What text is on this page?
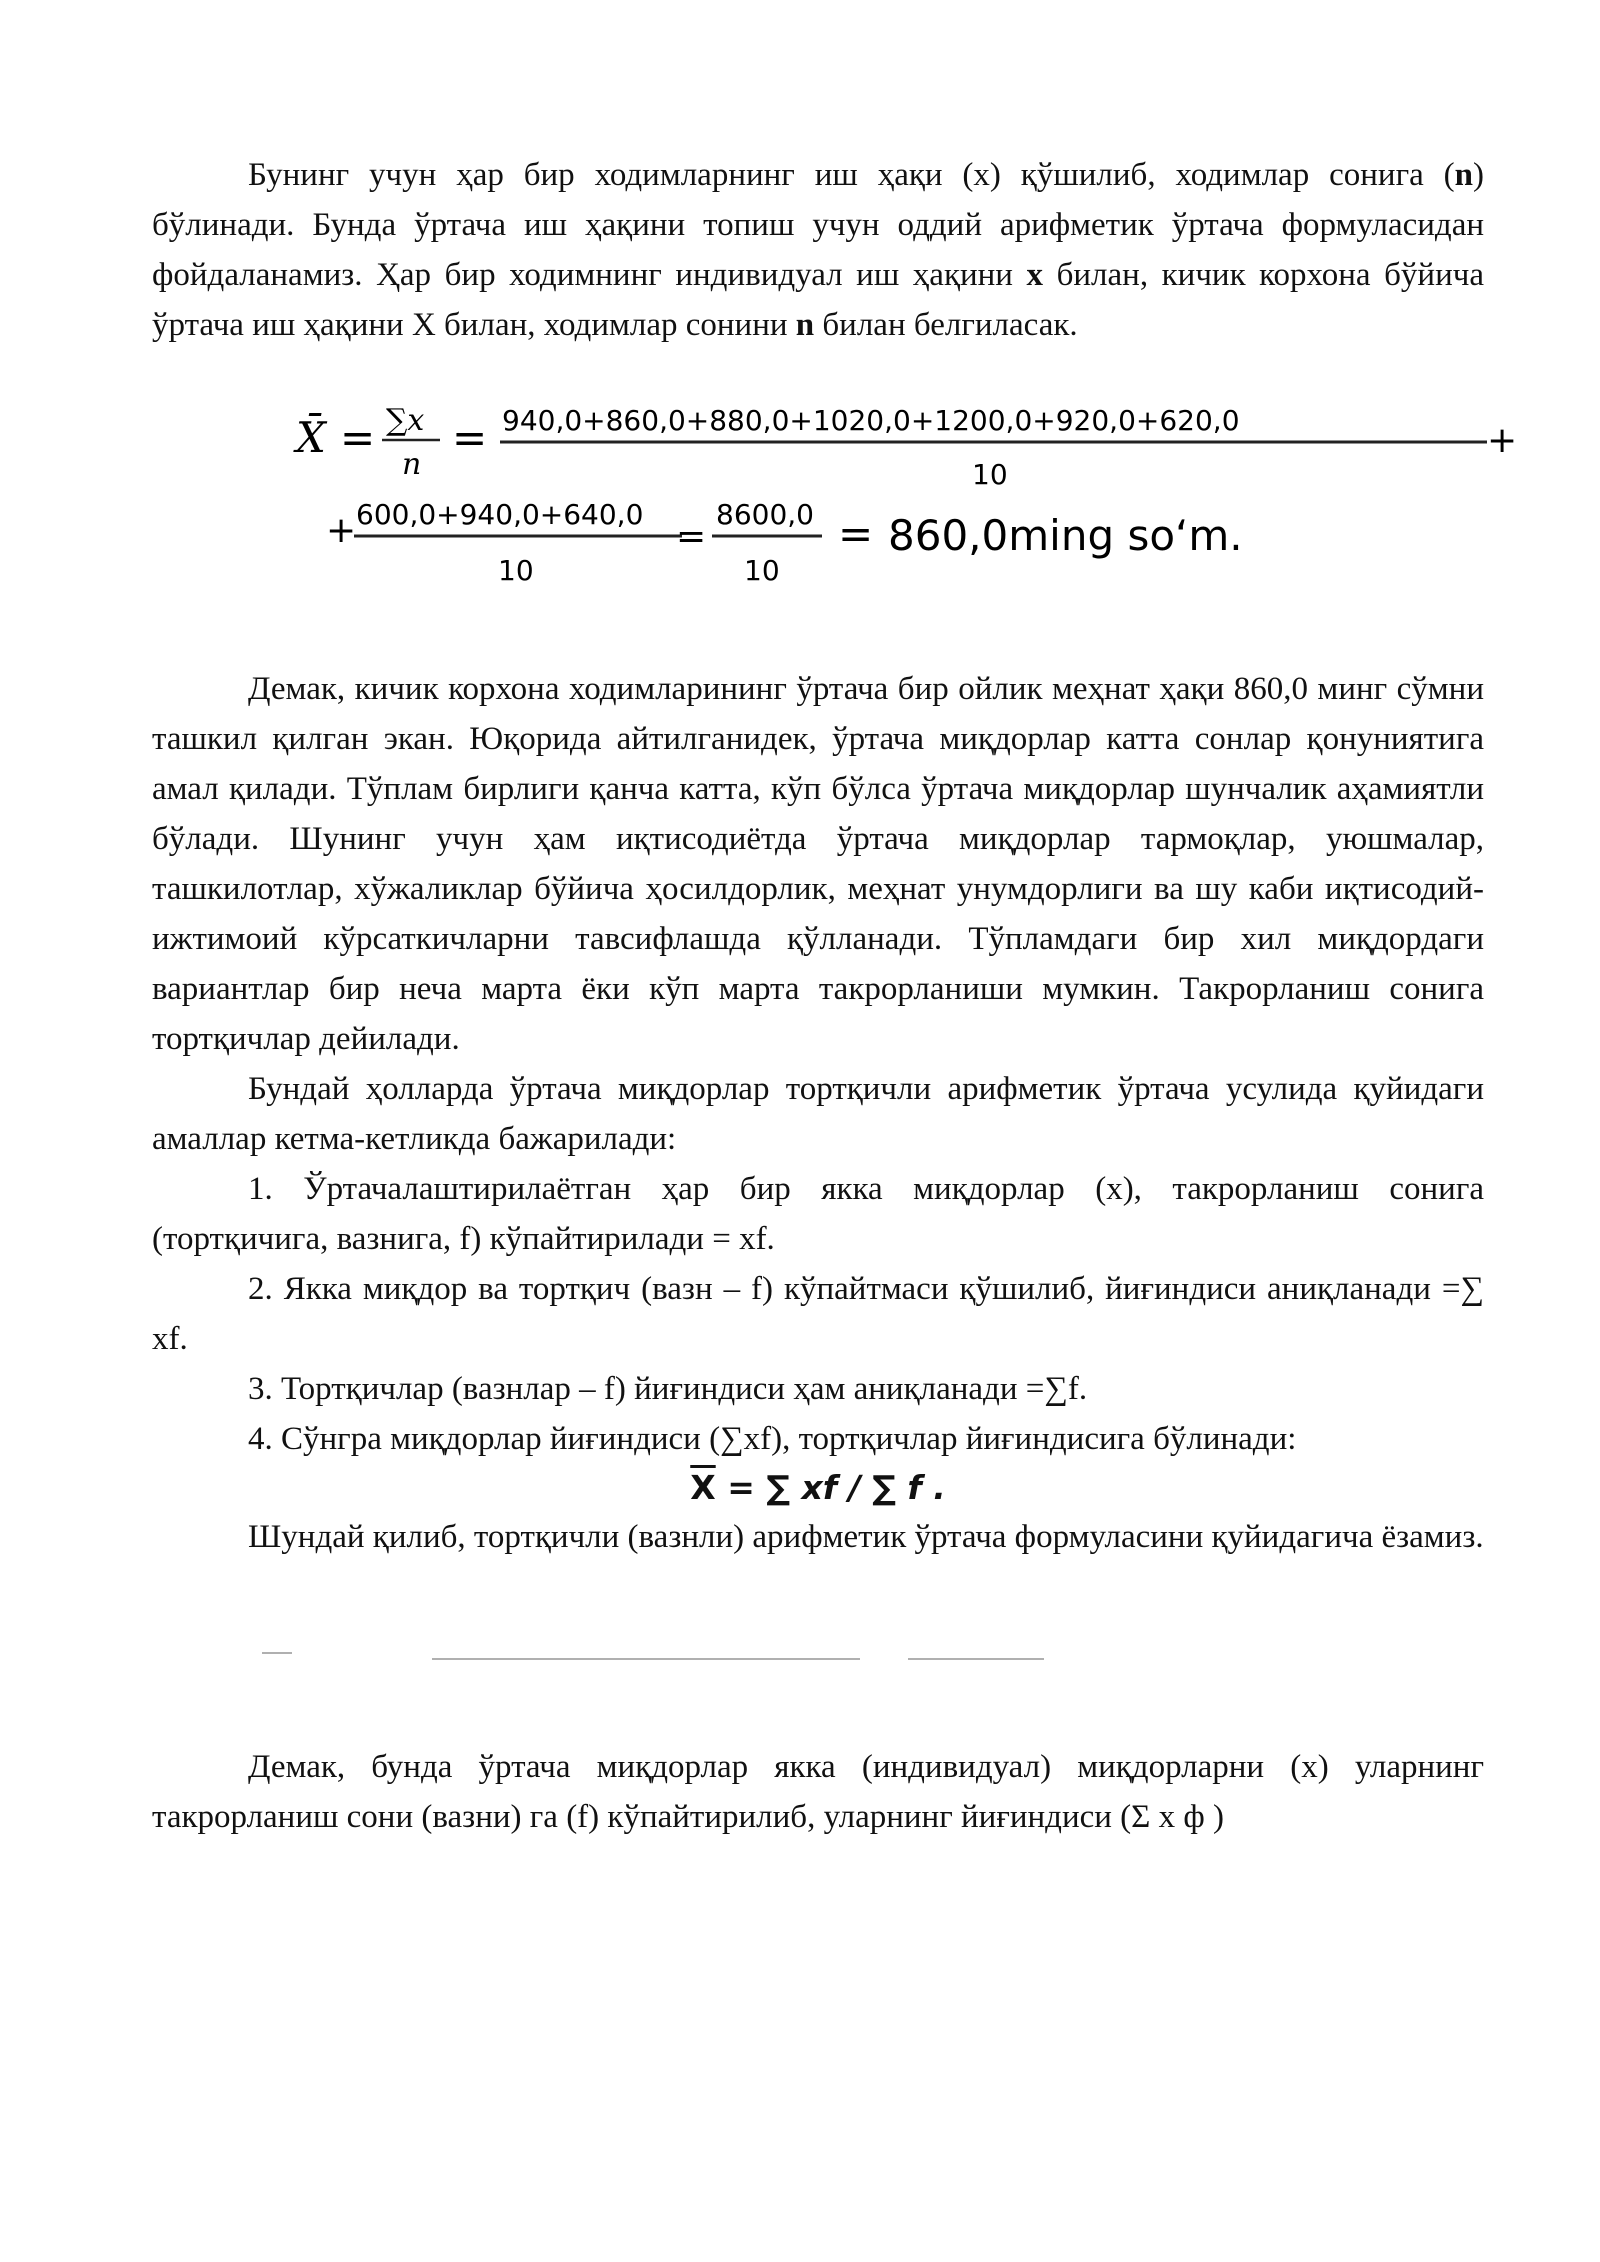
Бунинг учун ҳар бир ходимларнинг иш ҳақи (x) қўшилиб, ходимлар сонига (n) бўлинади. Бунда ўртача иш ҳақини топиш учун оддий арифметик ўртача формуласидан фойдаланамиз. Ҳар бир ходимнинг индивидуал иш ҳақини x билан, кичик корхона бўйича ўртача иш ҳақини X билан, ходимлар сонини n билан белгиласак.

X̄ = ∑x
n
= 940,0+860,0+880,0+1020,0+1200,0+920,0+620,0	+
10
+ 600,0+940,0+640,0
10
=
8600,0
10
= 860,0ming so‘m.

Демак, кичик корхона ходимларининг ўртача бир ойлик меҳнат ҳақи 860,0 минг сўмни ташкил қилган экан. Юқорида айтилганидек, ўртача миқдорлар катта сонлар қонуниятига амал қилади. Тўплам бирлиги қанча катта, кўп бўлса ўртача миқдорлар шунчалик аҳамиятли бўлади. Шунинг учун ҳам иқтисодиётда ўртача миқдорлар тармоқлар, уюшмалар, ташкилотлар, хўжаликлар бўйича ҳосилдорлик, меҳнат унумдорлиги ва шу каби иқтисодий-ижтимоий кўрсаткичларни тавсифлашда қўлланади. Тўпламдаги бир хил миқдордаги вариантлар бир неча марта ёки кўп марта такрорланиши мумкин. Такрорланиш сонига тортқичлар дейилади.

Бундай ҳолларда ўртача миқдорлар тортқичли арифметик ўртача усулида қуйидаги амаллар кетма-кетликда бажарилади:

1. Ўртачалаштирилаётган ҳар бир якка миқдорлар (x), такрорланиш сонига (тортқичига, вазнига, f) кўпайтирилади = xf.

2. Якка миқдор ва тортқич (вазн – f) кўпайтмаси қўшилиб, йиғиндиси аниқланади =∑ xf.

3. Тортқичлар (вазнлар – f) йиғиндиси ҳам аниқланади =∑f.

4. Сўнгра миқдорлар йиғиндиси (∑xf), тортқичлар йиғиндисига бўлинади:

$\overline{X}$ = ∑ xf / ∑ f .

Шундай қилиб, тортқичли (вазнли) арифметик ўртача формуласини қуйидагича ёзамиз.

Демак, бунда ўртача миқдорлар якка (индивидуал) миқдорларни (x) уларнинг такрорланиш сони (вазни) га (f) кўпайтирилиб, уларнинг йиғиндиси (Σ x ф )
